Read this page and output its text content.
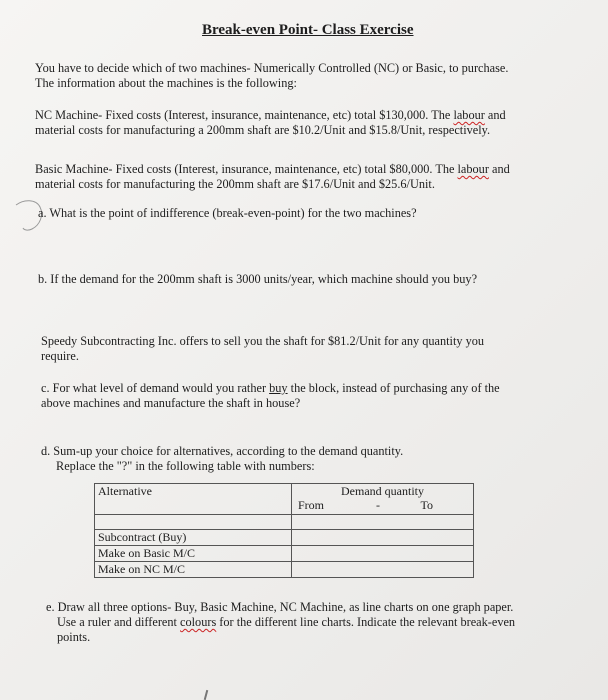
Break-even Point- Class Exercise
You have to decide which of two machines- Numerically Controlled (NC) or Basic, to purchase.
The information about the machines is the following:
NC Machine- Fixed costs (Interest, insurance, maintenance, etc) total $130,000. The labour and
material costs for manufacturing a 200mm shaft are $10.2/Unit and $15.8/Unit, respectively.
Basic Machine- Fixed costs (Interest, insurance, maintenance, etc) total $80,000. The labour and
material costs for manufacturing the 200mm shaft are $17.6/Unit and $25.6/Unit.
a. What is the point of indifference (break-even-point) for the two machines?
b. If the demand for the 200mm shaft is 3000 units/year, which machine should you buy?
Speedy Subcontracting Inc. offers to sell you the shaft for $81.2/Unit for any quantity you
require.
c. For what level of demand would you rather buy the block, instead of purchasing any of the
above machines and manufacture the shaft in house?
d. Sum-up your choice for alternatives, according to the demand quantity.
Replace the "?" in the following table with numbers:
Alternative	Demand quantity
From - To

Subcontract (Buy)	
Make on Basic M/C	
Make on NC M/C	
e. Draw all three options- Buy, Basic Machine, NC Machine, as line charts on one graph paper.
Use a ruler and different colours for the different line charts. Indicate the relevant break-even
points.
